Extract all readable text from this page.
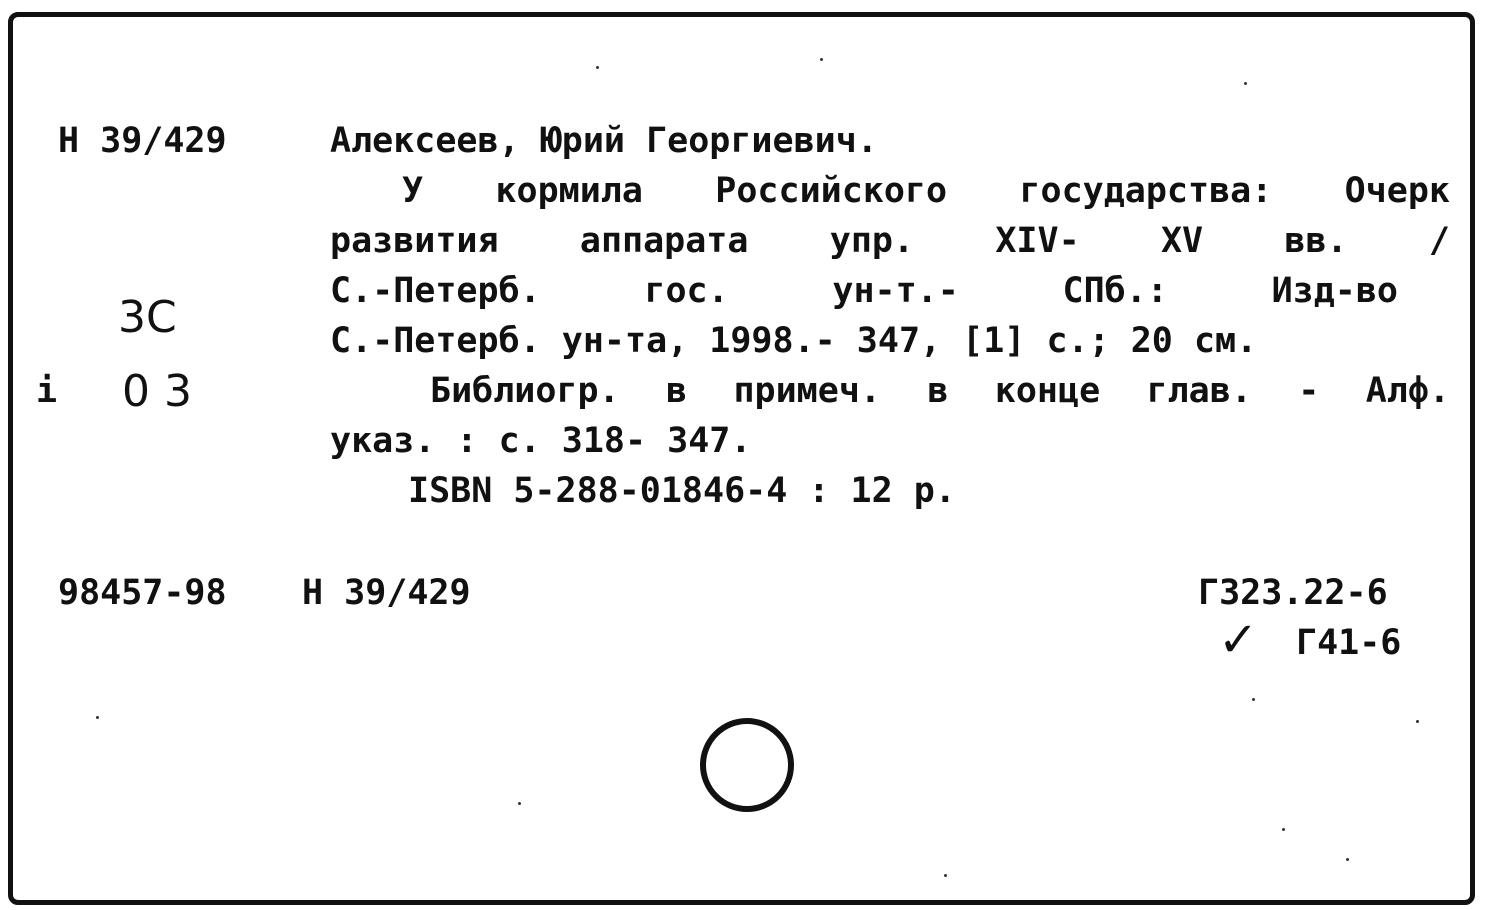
Н 39/429	Алексеев, Юрий Георгиевич.
У кормила Российского государства: Очерк
развития аппарата упр. XIV- XV вв. /
С.-Петерб. гос. ун-т.- СПб.: Изд-во
С.-Петерб. ун-та, 1998.- 347, [1] с.; 20 см.
Библиогр. в примеч. в конце глав. - Алф.
указ. : с. 318- 347.
ISBN 5-288-01846-4 : 12 р.
3С
i 0 3
98457-98 Н 39/429	Г323.22-6
✓ Г41-6
